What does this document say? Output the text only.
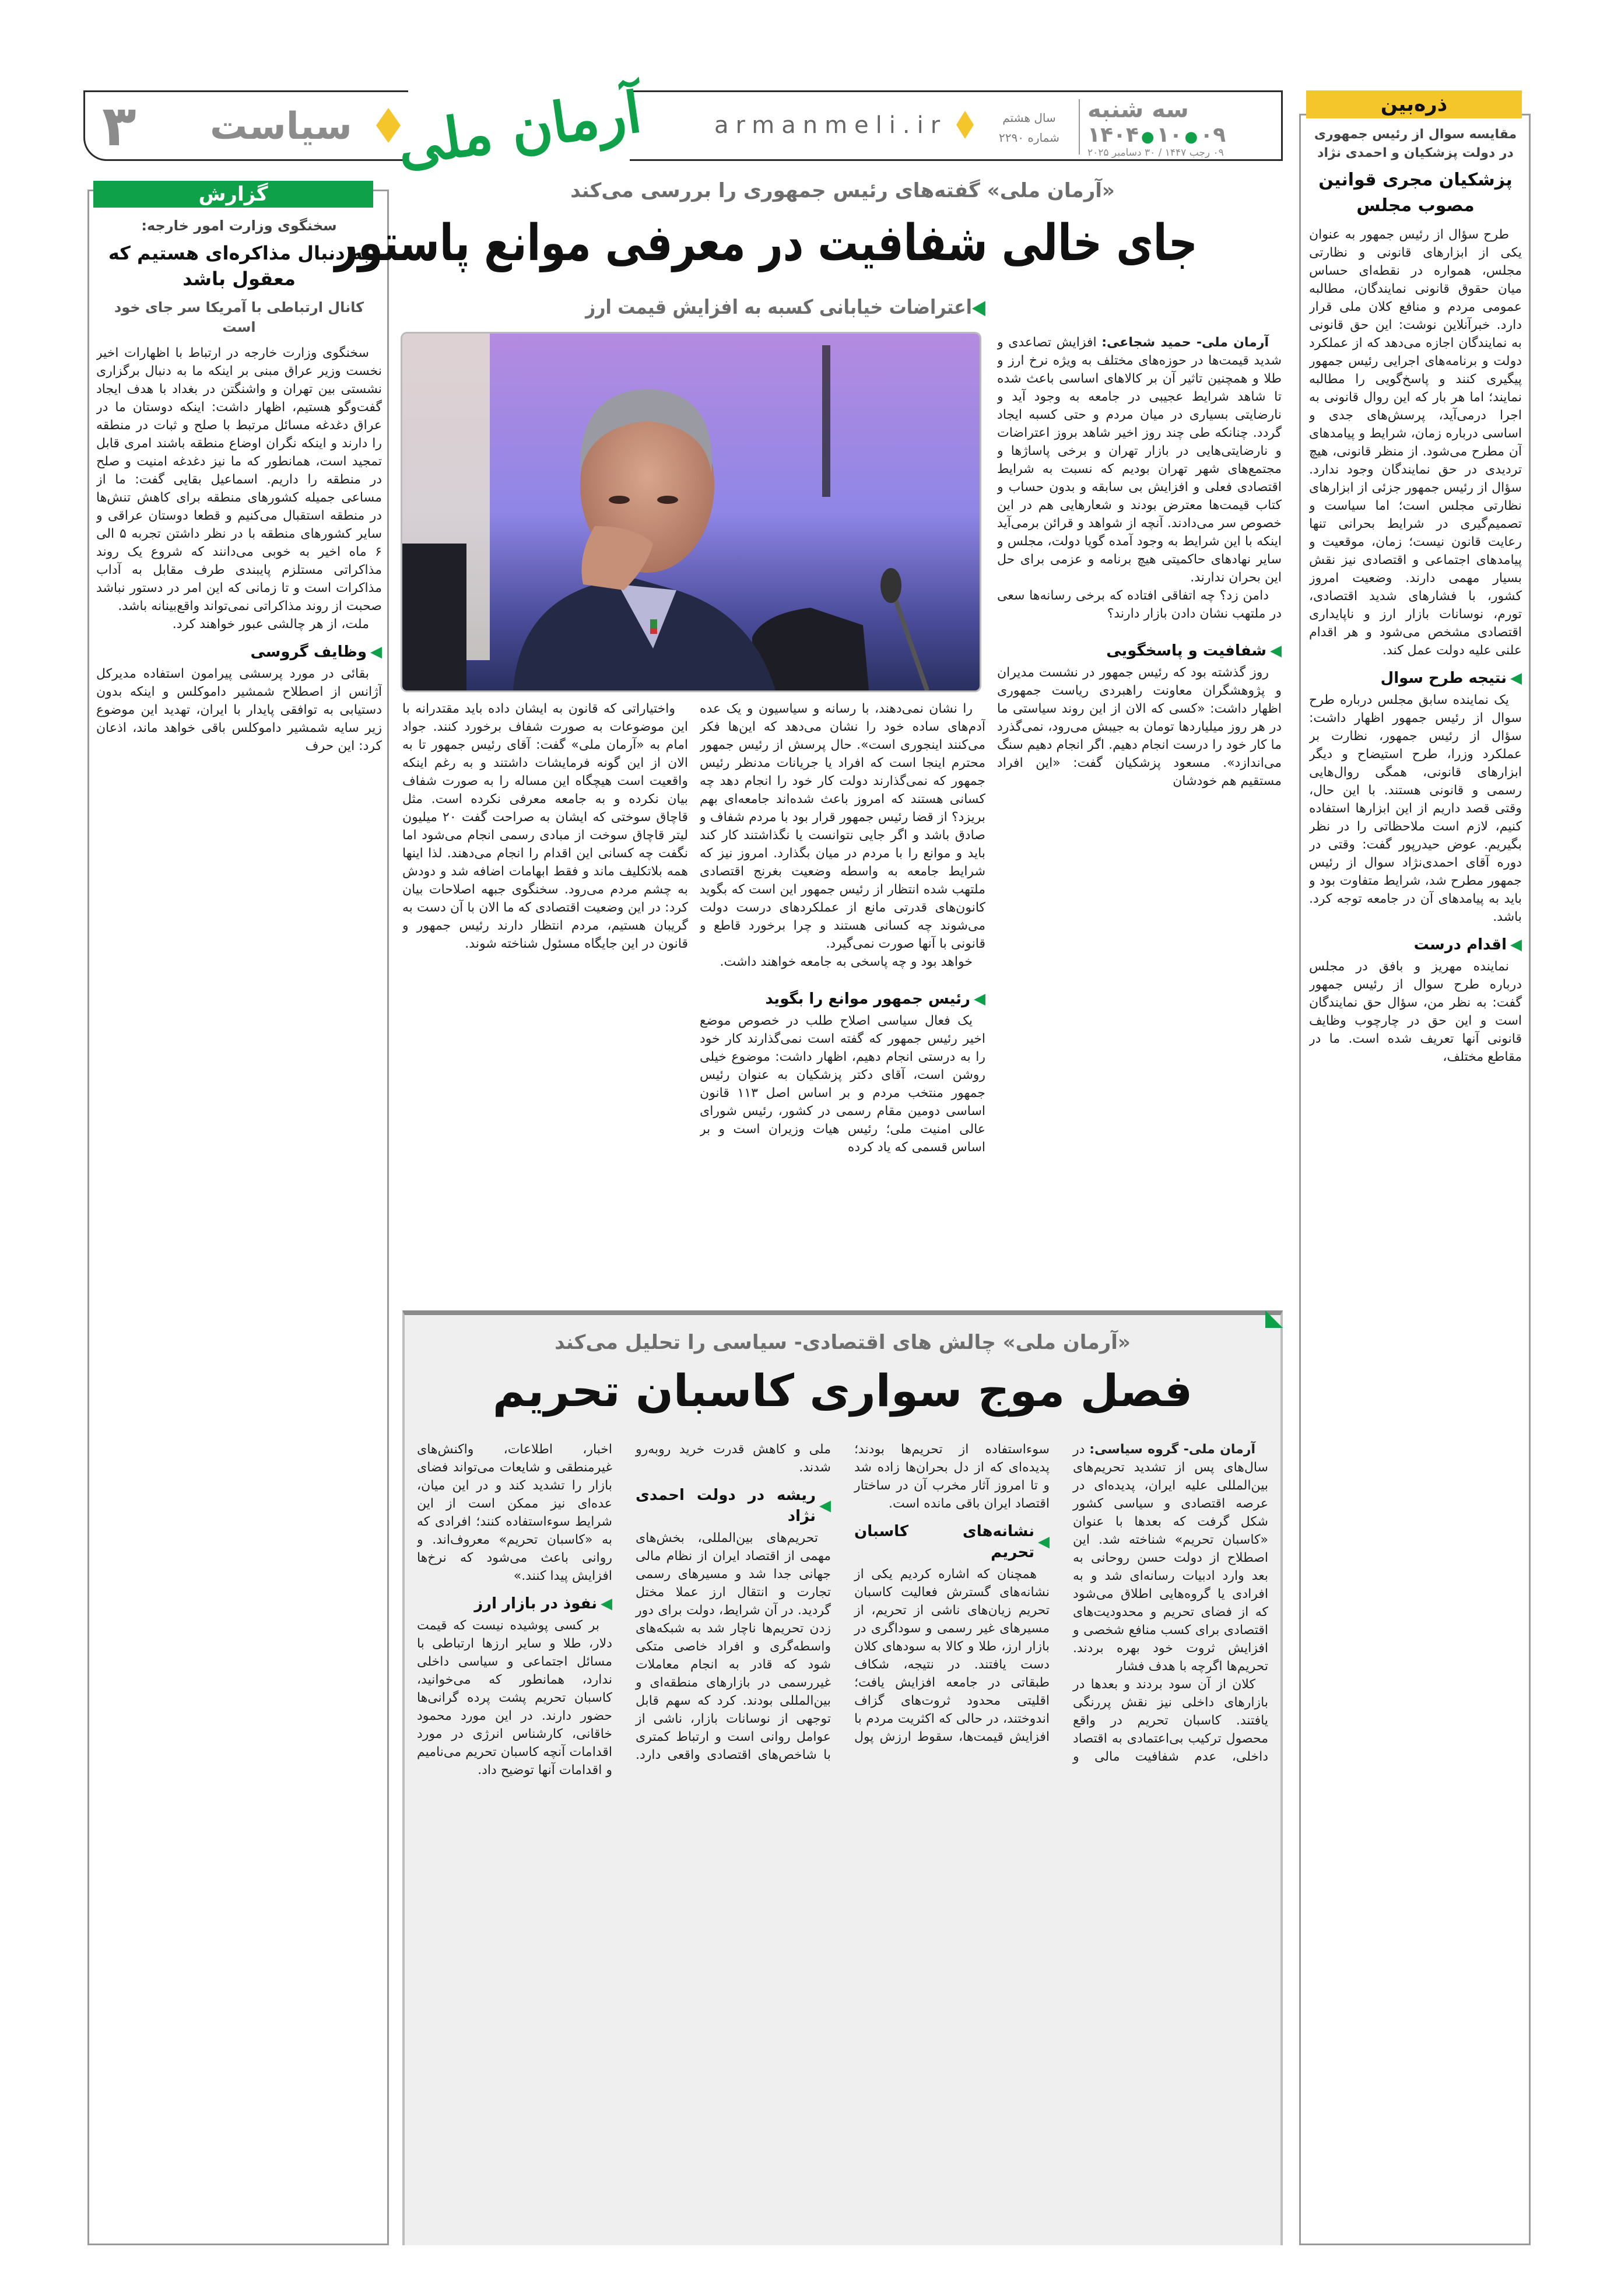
۳ سیاست آرمان ملی	armanmeli.ir	سال هشتم
شماره ۲۲۹۰
سه شنبه
۱۴۰۴ ● ۱۰ ● ۰۹
۰۹ رجب ۱۴۴۷ / ۳۰ دسامبر ۲۰۲۵
گزارش
سخنگوی وزارت امور خارجه:
به دنبال مذاکره‌ای هستیم که معقول باشد
کانال ارتباطی با آمریکا سر جای خود است

سخنگوی وزارت خارجه در ارتباط با اظهارات اخیر نخست وزیر عراق مبنی بر اینکه ما به دنبال برگزاری نشستی بین تهران و واشنگتن در بغداد با هدف ایجاد گفت‌وگو هستیم، اظهار داشت: اینکه دوستان ما در عراق دغدغه مسائل مرتبط با صلح و ثبات در منطقه را دارند و اینکه نگران اوضاع منطقه باشند امری قابل تمجید است، همانطور که ما نیز دغدغه امنیت و صلح در منطقه را داریم. اسماعیل بقایی گفت: ما از مساعی جمیله کشورهای منطقه برای کاهش تنش‌ها در منطقه استقبال می‌کنیم و قطعا دوستان عراقی و سایر کشورهای منطقه با در نظر داشتن تجربه ۵ الی ۶ ماه اخیر به خوبی می‌دانند که شروع یک روند مذاکراتی مستلزم پایبندی طرف مقابل به آداب مذاکرات است و تا زمانی که این امر در دستور نباشد صحبت از روند مذاکراتی نمی‌تواند واقع‌بینانه باشد.

ملت، از هر چالشی عبور خواهند کرد.

◀
وظایف گروسی

بقائی در مورد پرسشی پیرامون استفاده مدیرکل آژانس از اصطلاح شمشیر داموکلس و اینکه بدون دستیابی به توافقی پایدار با ایران، تهدید این موضوع زیر سایه شمشیر داموکلس باقی خواهد ماند، اذعان کرد: این حرف

ذره‌بین
مقایسه سوال از رئیس جمهوری در دولت پزشکیان و احمدی نژاد
پزشکیان مجری قوانین مصوب مجلس

طرح سؤال از رئیس جمهور به عنوان یکی از ابزارهای قانونی و نظارتی مجلس، همواره در نقطه‌ای حساس میان حقوق قانونی نمایندگان، مطالبه عمومی مردم و منافع کلان ملی قرار دارد. خبرآنلاین نوشت: این حق قانونی به نمایندگان اجازه می‌دهد که از عملکرد دولت و برنامه‌های اجرایی رئیس جمهور پیگیری کنند و پاسخ‌گویی را مطالبه نمایند؛ اما هر بار که این روال قانونی به اجرا درمی‌آید، پرسش‌های جدی و اساسی درباره زمان، شرایط و پیامدهای آن مطرح می‌شود. از منظر قانونی، هیچ تردیدی در حق نمایندگان وجود ندارد. سؤال از رئیس جمهور جزئی از ابزارهای نظارتی مجلس است؛ اما سیاست و تصمیم‌گیری در شرایط بحرانی تنها رعایت قانون نیست؛ زمان، موقعیت و پیامدهای اجتماعی و اقتصادی نیز نقش بسیار مهمی دارند. وضعیت امروز کشور، با فشارهای شدید اقتصادی، تورم، نوسانات بازار ارز و ناپایداری اقتصادی مشخص می‌شود و هر اقدام علنی علیه دولت عمل کند.

◀
نتیجه طرح سوال

یک نماینده سابق مجلس درباره طرح سوال از رئیس جمهور اظهار داشت: سؤال از رئیس جمهور، نظارت بر عملکرد وزرا، طرح استیضاح و دیگر ابزارهای قانونی، همگی روال‌هایی رسمی و قانونی هستند. با این حال، وقتی قصد داریم از این ابزارها استفاده کنیم، لازم است ملاحظاتی را در نظر بگیریم. عوض حیدرپور گفت: وقتی در دوره آقای احمدی‌نژاد سوال از رئیس جمهور مطرح شد، شرایط متفاوت بود و باید به پیامدهای آن در جامعه توجه کرد. باشد.

◀
اقدام درست

نماینده مهریز و بافق در مجلس درباره طرح سوال از رئیس جمهور گفت: به نظر من، سؤال حق نمایندگان است و این حق در چارچوب وظایف قانونی آنها تعریف شده است. ما در مقاطع مختلف،

«آرمان ملی» گفته‌های رئیس جمهوری را بررسی می‌کند
جای خالی شفافیت در معرفی موانع پاستور
◀اعتراضات خیابانی کسبه به افزایش قیمت ارز

آرمان ملی- حمید شجاعی: افزایش تصاعدی و شدید قیمت‌ها در حوزه‌های مختلف به ویژه نرخ ارز و طلا و همچنین تاثیر آن بر کالاهای اساسی باعث شده تا شاهد شرایط عجیبی در جامعه به وجود آید و نارضایتی بسیاری در میان مردم و حتی کسبه ایجاد گردد. چنانکه طی چند روز اخیر شاهد بروز اعتراضات و نارضایتی‌هایی در بازار تهران و برخی پاساژها و مجتمع‌های شهر تهران بودیم که نسبت به شرایط اقتصادی فعلی و افزایش بی سابقه و بدون حساب و کتاب قیمت‌ها معترض بودند و شعارهایی هم در این خصوص سر می‌دادند. آنچه از شواهد و قرائن برمی‌آید اینکه با این شرایط به وجود آمده گویا دولت، مجلس و سایر نهادهای حاکمیتی هیچ برنامه و عزمی برای حل این بحران ندارند.

دامن زد؟ چه اتفاقی افتاده که برخی رسانه‌ها سعی در ملتهب نشان دادن بازار دارند؟

◀
شفافیت و پاسخگویی

روز گذشته بود که رئیس جمهور در نشست مدیران و پژوهشگران معاونت راهبردی ریاست جمهوری اظهار داشت: «کسی که الان از این روند سیاستی ما در هر روز میلیاردها تومان به جیبش می‌رود، نمی‌گذرد ما کار خود را درست انجام دهیم. اگر انجام دهیم سنگ می‌اندازد». مسعود پزشکیان گفت: «این افراد مستقیم هم خودشان

را نشان نمی‌دهند، با رسانه و سیاسیون و یک عده آدم‌های ساده خود را نشان می‌دهد که این‌ها فکر می‌کنند اینجوری است». حال پرسش از رئیس جمهور محترم اینجا است که افراد یا جریانات مدنظر رئیس جمهور که نمی‌گذارند دولت کار خود را انجام دهد چه کسانی هستند که امروز باعث شده‌اند جامعه‌ای بهم بریزد؟ از قضا رئیس جمهور قرار بود با مردم شفاف و صادق باشد و اگر جایی نتوانست یا نگذاشتند کار کند باید و موانع را با مردم در میان بگذارد. امروز نیز که شرایط جامعه به واسطه وضعیت بغرنج اقتصادی ملتهب شده انتظار از رئیس جمهور این است که بگوید کانون‌های قدرتی مانع از عملکردهای درست دولت می‌شوند چه کسانی هستند و چرا برخورد قاطع و قانونی با آنها صورت نمی‌گیرد.

خواهد بود و چه پاسخی به جامعه خواهند داشت.

◀
رئیس جمهور موانع را بگوید

یک فعال سیاسی اصلاح طلب در خصوص موضع اخیر رئیس جمهور که گفته است نمی‌گذارند کار خود را به درستی انجام دهیم، اظهار داشت: موضوع خیلی روشن است، آقای دکتر پزشکیان به عنوان رئیس جمهور منتخب مردم و بر اساس اصل ۱۱۳ قانون اساسی دومین مقام رسمی در کشور، رئیس شورای عالی امنیت ملی؛ رئیس هیات وزیران است و بر اساس قسمی که یاد کرده

واختیاراتی که قانون به ایشان داده باید مقتدرانه با این موضوعات به صورت شفاف برخورد کنند. جواد امام به «آرمان ملی» گفت: آقای رئیس جمهور تا به الان از این گونه فرمایشات داشتند و به رغم اینکه واقعیت است هیچگاه این مساله را به صورت شفاف بیان نکرده و به جامعه معرفی نکرده است. مثل قاچاق سوختی که ایشان به صراحت گفت ۲۰ میلیون لیتر قاچاق سوخت از مبادی رسمی انجام می‌شود اما نگفت چه کسانی این اقدام را انجام می‌دهند. لذا اینها همه بلاتکلیف ماند و فقط ابهامات اضافه شد و دودش به چشم مردم می‌رود. سخنگوی جبهه اصلاحات بیان کرد: در این وضعیت اقتصادی که ما الان با آن دست به گریبان هستیم، مردم انتظار دارند رئیس جمهور و قانون در این جایگاه مسئول شناخته شوند.

«آرمان ملی» چالش های اقتصادی- سیاسی را تحلیل می‌کند
فصل موج سواری کاسبان تحریم

آرمان ملی- گروه سیاسی: در سال‌های پس از تشدید تحریم‌های بین‌المللی علیه ایران، پدیده‌ای در عرصه اقتصادی و سیاسی کشور شکل گرفت که بعدها با عنوان «کاسبان تحریم» شناخته شد. این اصطلاح از دولت حسن روحانی به بعد وارد ادبیات رسانه‌ای شد و به افرادی یا گروه‌هایی اطلاق می‌شود که از فضای تحریم و محدودیت‌های اقتصادی برای کسب منافع شخصی و افزایش ثروت خود بهره بردند. تحریم‌ها اگرچه با هدف فشار

کلان از آن سود بردند و بعدها در بازارهای داخلی نیز نقش پررنگی یافتند. کاسبان تحریم در واقع محصول ترکیب بی‌اعتمادی به اقتصاد داخلی، عدم شفافیت مالی و سوءاستفاده از تحریم‌ها بودند؛ پدیده‌ای که از دل بحران‌ها زاده شد و تا امروز آثار مخرب آن در ساختار اقتصاد ایران باقی مانده است.

◀
نشانه‌های کاسبان تحریم

همچنان که اشاره کردیم یکی از نشانه‌های گسترش فعالیت کاسبان تحریم زیان‌های ناشی از تحریم، از مسیرهای غیر رسمی و سوداگری در بازار ارز، طلا و کالا به سودهای کلان دست یافتند. در نتیجه، شکاف طبقاتی در جامعه افزایش یافت؛ اقلیتی محدود ثروت‌های گزاف اندوختند، در حالی که اکثریت مردم با افزایش قیمت‌ها، سقوط ارزش پول ملی و کاهش قدرت خرید روبه‌رو شدند.

◀
ریشه در دولت احمدی نژاد

تحریم‌های بین‌المللی، بخش‌های مهمی از اقتصاد ایران از نظام مالی جهانی جدا شد و مسیرهای رسمی تجارت و انتقال ارز عملا مختل گردید. در آن شرایط، دولت برای دور زدن تحریم‌ها ناچار شد به شبکه‌های واسطه‌گری و افراد خاصی متکی شود که قادر به انجام معاملات غیررسمی در بازارهای منطقه‌ای و بین‌المللی بودند. کرد که سهم قابل توجهی از نوسانات بازار، ناشی از عوامل روانی است و ارتباط کمتری با شاخص‌های اقتصادی واقعی دارد. اخبار، اطلاعات، واکنش‌های غیرمنطقی و شایعات می‌تواند فضای بازار را تشدید کند و در این میان، عده‌ای نیز ممکن است از این شرایط سوءاستفاده کنند؛ افرادی که به «کاسبان تحریم» معروف‌اند. و روانی باعث می‌شود که نرخ‌ها افزایش پیدا کنند.»

◀
نفوذ در بازار ارز

بر کسی پوشیده نیست که قیمت دلار، طلا و سایر ارزها ارتباطی با مسائل اجتماعی و سیاسی داخلی ندارد، همانطور که می‌خوانید، کاسبان تحریم پشت پرده گرانی‌ها حضور دارند. در این مورد محمود خاقانی، کارشناس انرژی در مورد اقدامات آنچه کاسبان تحریم می‌نامیم و اقدامات آنها توضیح داد.
